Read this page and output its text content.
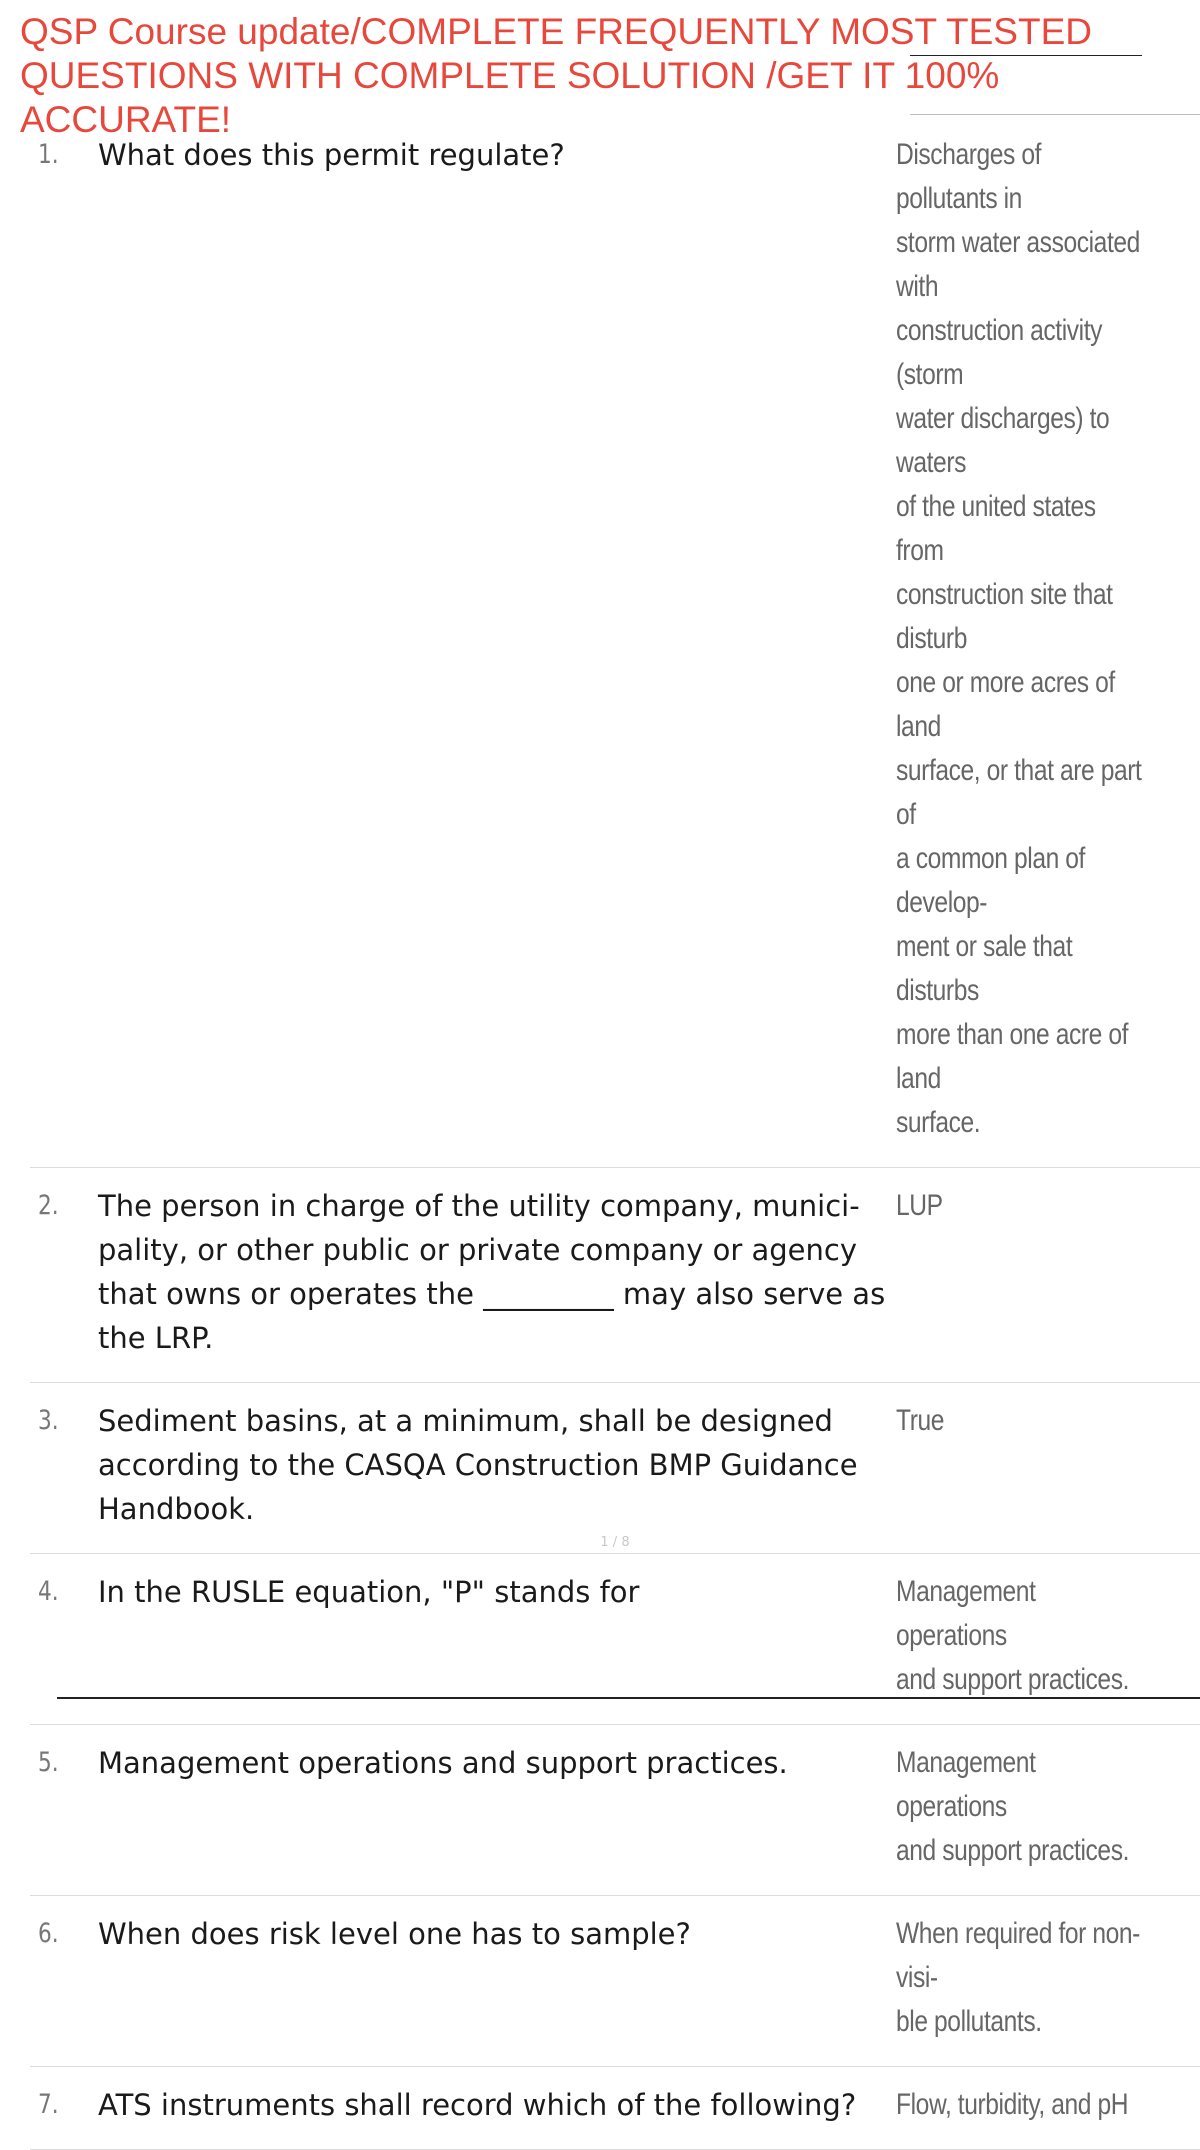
QSP Course update/COMPLETE FREQUENTLY MOST TESTED
QUESTIONS WITH COMPLETE SOLUTION /GET IT 100% ACCURATE!
1.	What does this permit regulate?	Discharges of pollutants in
storm water associated with
construction activity (storm
water discharges) to waters
of the united states from
construction site that disturb
one or more acres of land
surface, or that are part of
a common plan of develop-
ment or sale that disturbs
more than one acre of land
surface.
2.	The person in charge of the utility company, munici-pality, or other public or private company or agency that owns or operates the _________ may also serve as the LRP.
LUP
3.	Sediment basins, at a minimum, shall be designed according to the CASQA Construction BMP Guidance Handbook.
True
4.	In the RUSLE equation, "P" stands for	Management operations
and support practices.
5.	Management operations and support practices.	Management operations
and support practices.
6.	When does risk level one has to sample?	When required for non-visi-
ble pollutants.
7.	ATS instruments shall record which of the following?	Flow, turbidity, and pH
1 / 8
